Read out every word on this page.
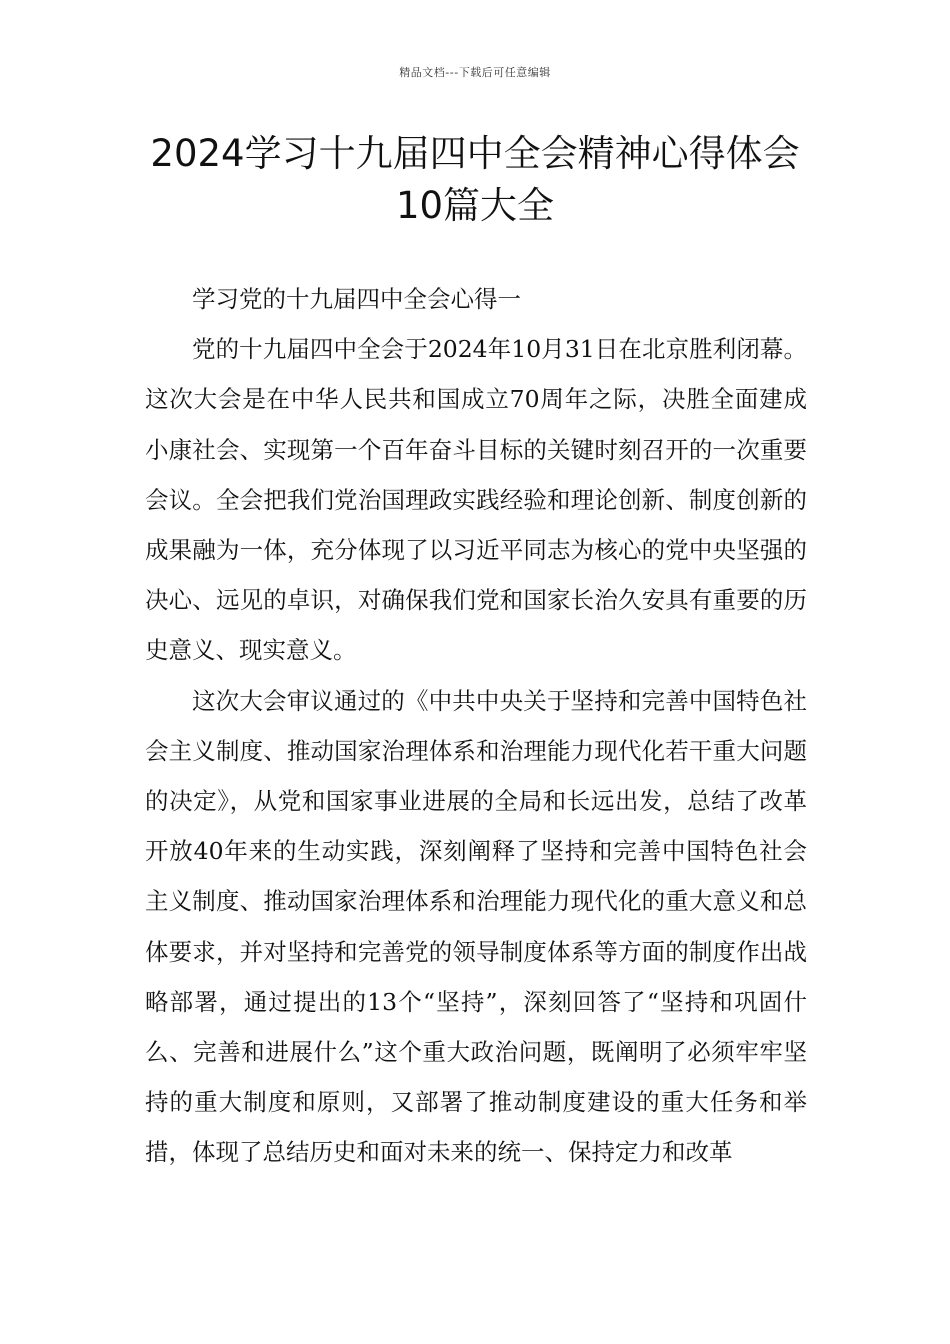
精品文档---下载后可任意编辑
2024学习十九届四中全会精神心得体会
10篇大全

学习党的十九届四中全会心得一

党的十九届四中全会于2024年10月31日在北京胜利闭幕。这次大会是在中华人民共和国成立70周年之际，决胜全面建成小康社会、实现第一个百年奋斗目标的关键时刻召开的一次重要会议。全会把我们党治国理政实践经验和理论创新、制度创新的成果融为一体，充分体现了以习近平同志为核心的党中央坚强的决心、远见的卓识，对确保我们党和国家长治久安具有重要的历史意义、现实意义。

这次大会审议通过的《中共中央关于坚持和完善中国特色社会主义制度、推动国家治理体系和治理能力现代化若干重大问题的决定》，从党和国家事业进展的全局和长远出发，总结了改革开放40年来的生动实践，深刻阐释了坚持和完善中国特色社会主义制度、推动国家治理体系和治理能力现代化的重大意义和总体要求，并对坚持和完善党的领导制度体系等方面的制度作出战略部署，通过提出的13个“坚持”，深刻回答了“坚持和巩固什么、完善和进展什么”这个重大政治问题，既阐明了必须牢牢坚持的重大制度和原则，又部署了推动制度建设的重大任务和举措，体现了总结历史和面对未来的统一、保持定力和改革
